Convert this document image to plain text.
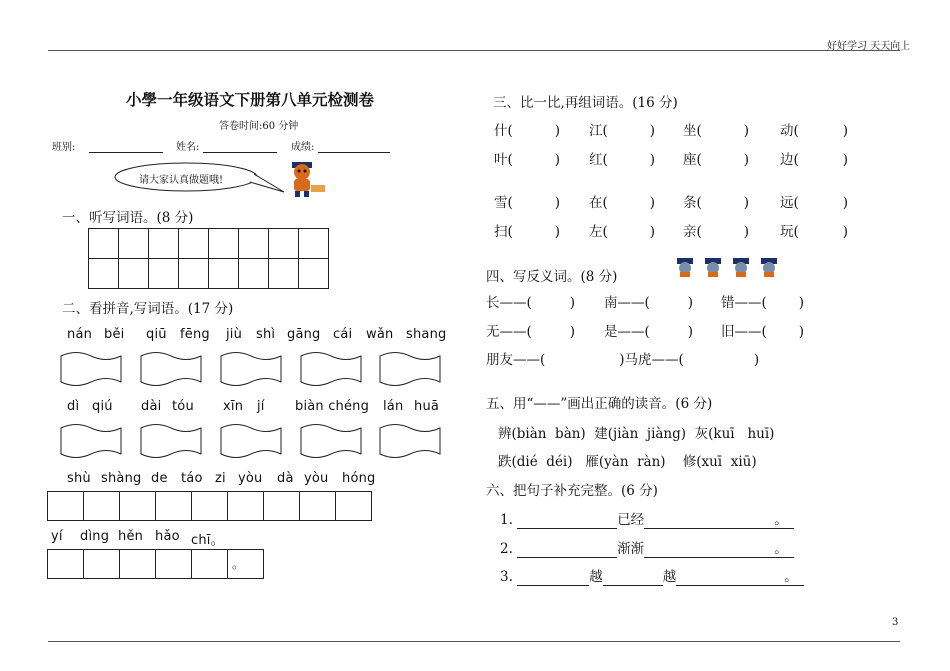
好好学习 天天向上
3
小學一年级语文下册第八单元检测卷
答卷时间:60 分钟
班别:	姓名:	成绩:
请大家认真做题哦!
一、听写词语。(8 分)
二、看拼音,写词语。(17 分)
nán běi qiū fēng jiù shì gāng cái wǎn shang
dì qiú dài tóu xīn jí biàn chéng lán huā
shù shàng de táo zi yòu dà yòu hóng
yí dìng hěn hǎo chī。
。
三、比一比,再组词语。(16 分)
什(	) 江(	) 坐(	) 动(	)
叶(	) 红(	) 座(	) 边(	)
雪(	) 在(	) 条(	) 远(	)
扫(	) 左(	) 亲(	) 玩(	)
四、写反义词。(8 分)
长——(	) 南——(	) 错——( )
无——(	) 是——(	) 旧——( )
朋友——(	)马虎——(	)
五、用“——”画出正确的读音。(6 分)
辨(biàn  bàn)  建(jiàn  jiàng)  灰(kuī   huī)
跌(dié  déi)   雁(yàn  ràn)    修(xuī  xiū)
六、把句子补充完整。(6 分)
1.	已经	。
2.	渐渐	。
3.	越	越	。
